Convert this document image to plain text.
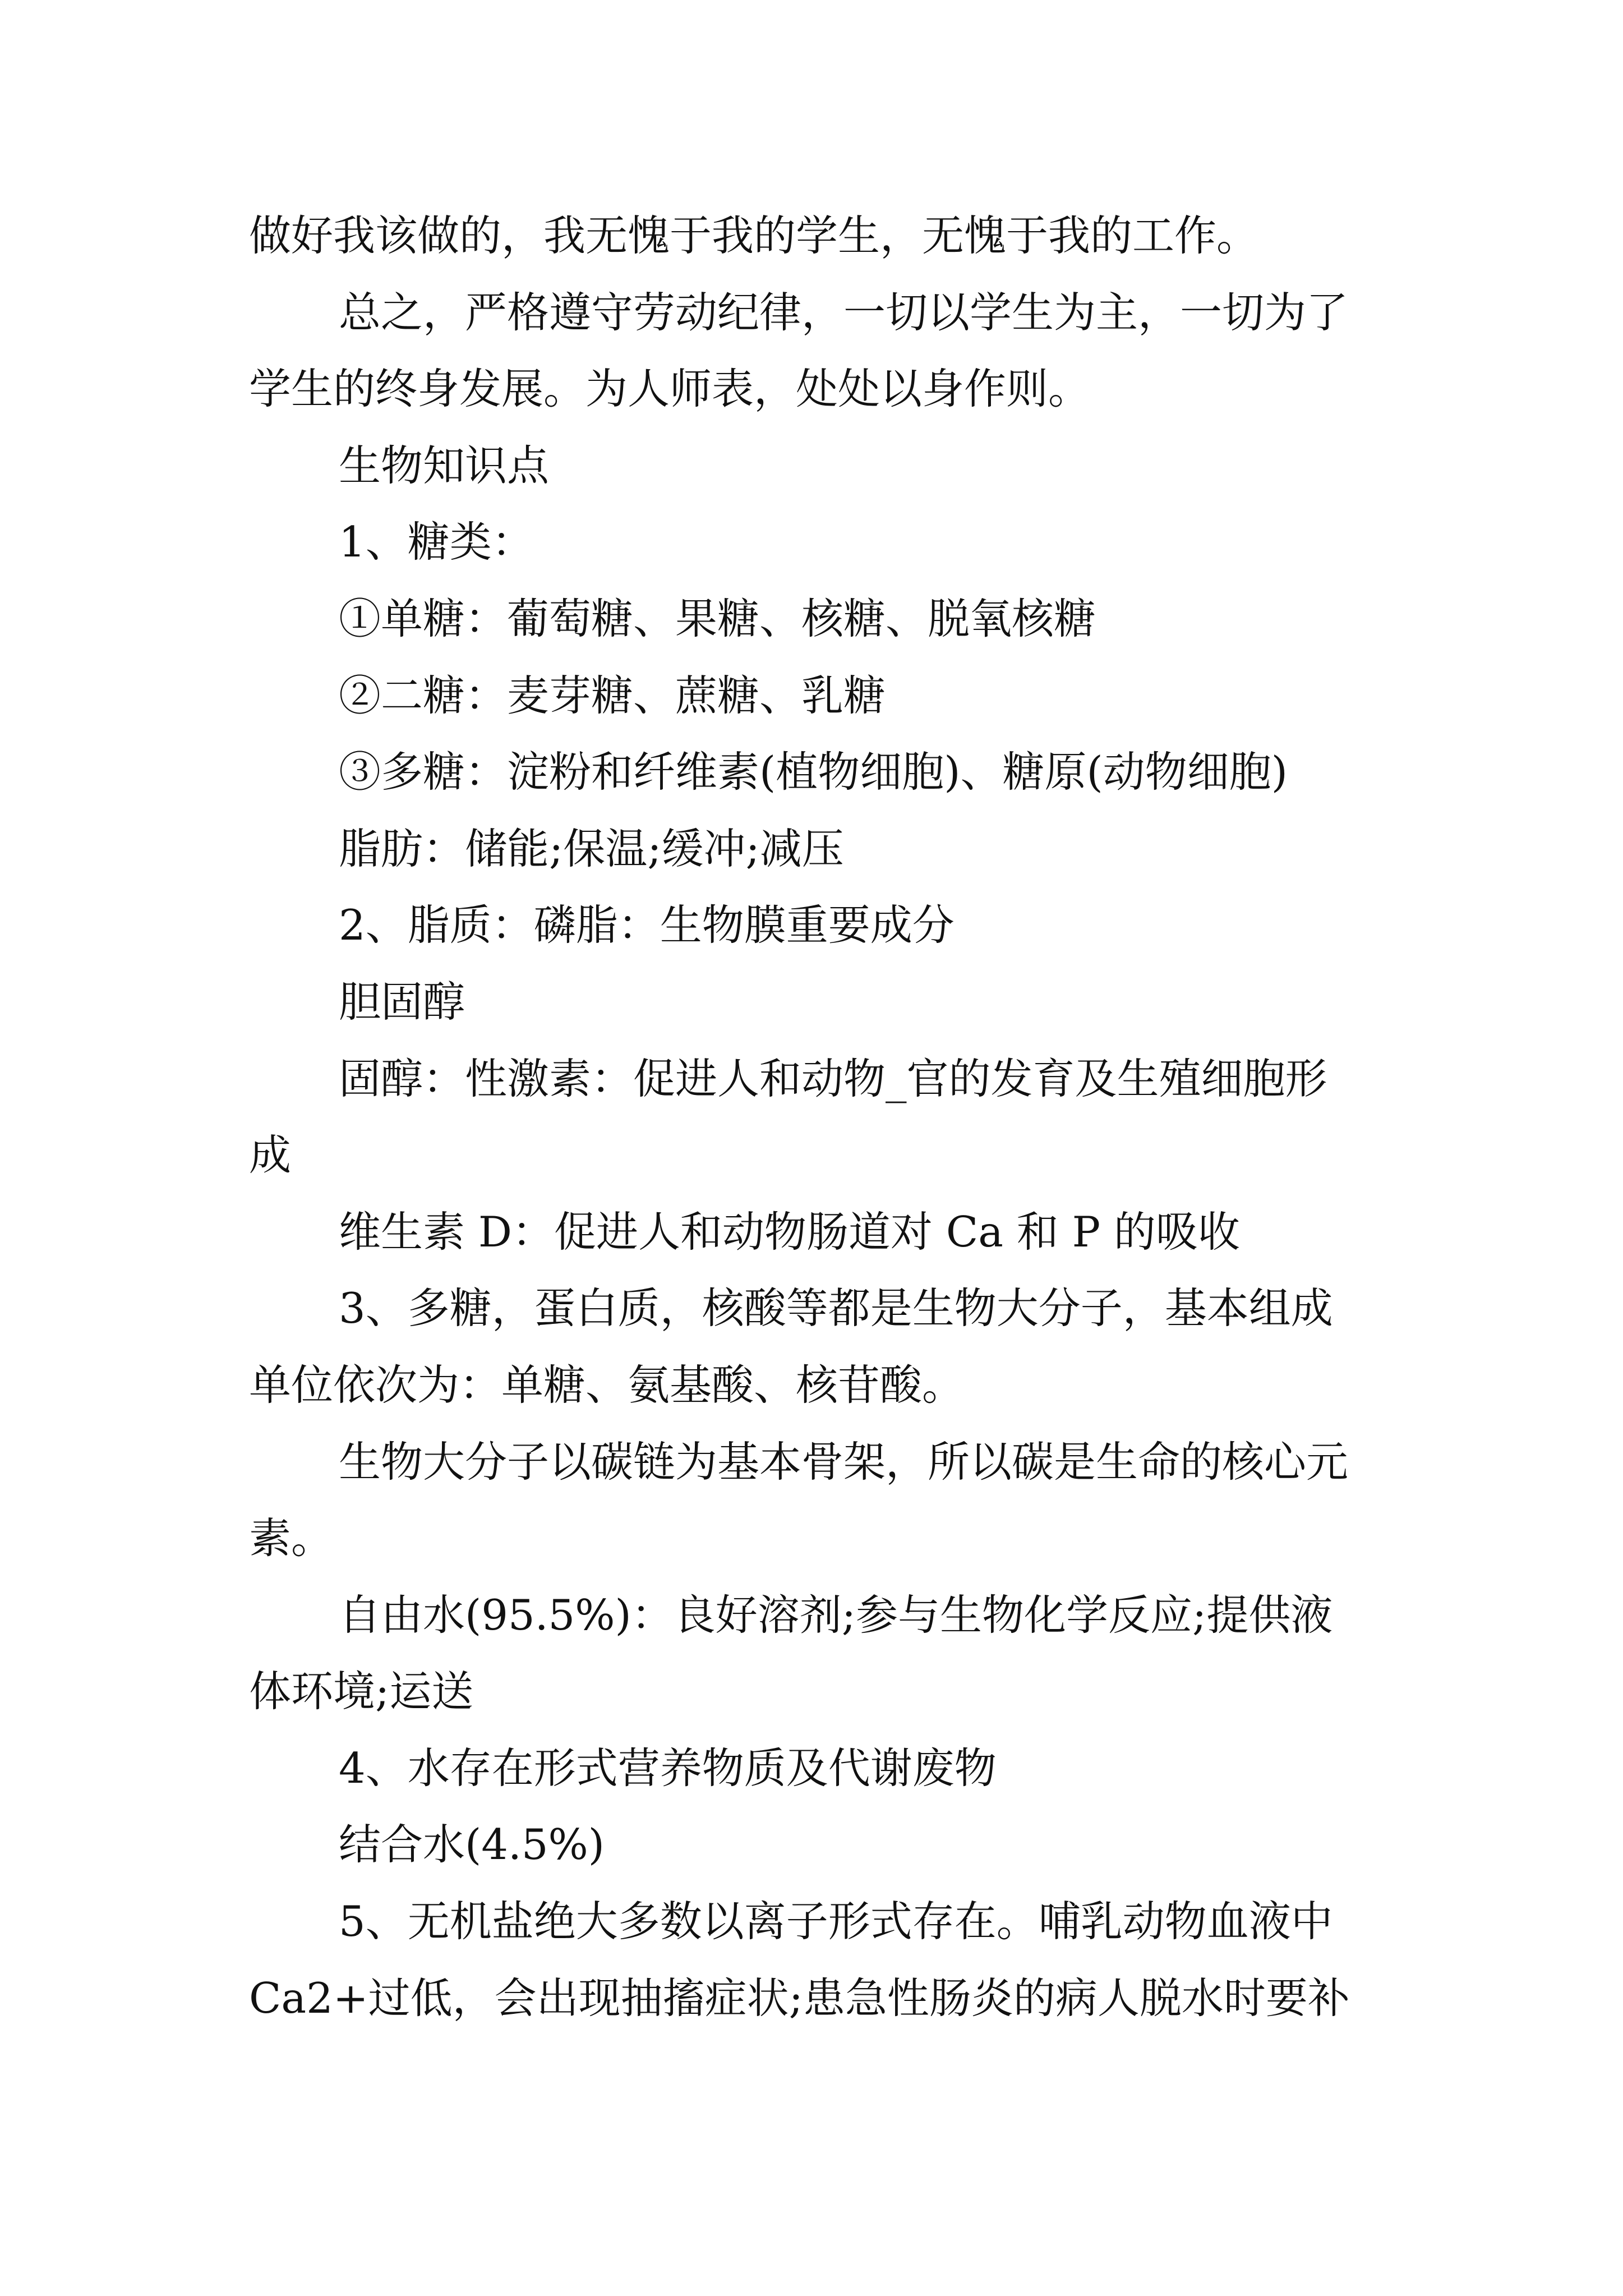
做好我该做的，我无愧于我的学生，无愧于我的工作。
总之，严格遵守劳动纪律，一切以学生为主，一切为了
学生的终身发展。为人师表，处处以身作则。
生物知识点
1、糖类：
①单糖：葡萄糖、果糖、核糖、脱氧核糖
②二糖：麦芽糖、蔗糖、乳糖
③多糖：淀粉和纤维素(植物细胞)、糖原(动物细胞)
脂肪：储能;保温;缓冲;减压
2、脂质：磷脂：生物膜重要成分
胆固醇
固醇：性激素：促进人和动物_官的发育及生殖细胞形
成
维生素 D：促进人和动物肠道对 Ca 和 P 的吸收
3、多糖，蛋白质，核酸等都是生物大分子，基本组成
单位依次为：单糖、氨基酸、核苷酸。
生物大分子以碳链为基本骨架，所以碳是生命的核心元
素。
自由水(95.5%)：良好溶剂;参与生物化学反应;提供液
体环境;运送
4、水存在形式营养物质及代谢废物
结合水(4.5%)
5、无机盐绝大多数以离子形式存在。哺乳动物血液中
Ca2+过低，会出现抽搐症状;患急性肠炎的病人脱水时要补
